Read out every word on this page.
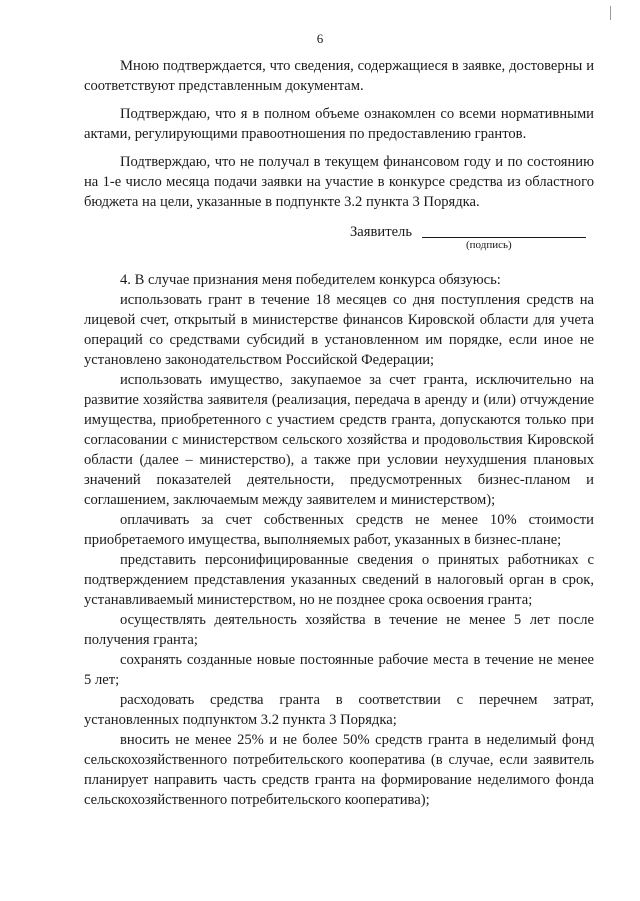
6

Мною подтверждается, что сведения, содержащиеся в заявке, достоверны и соответствуют представленным документам.

Подтверждаю, что я в полном объеме ознакомлен со всеми нормативными актами, регулирующими правоотношения по предоставлению грантов.

Подтверждаю, что не получал в текущем финансовом году и по состоянию на 1-е число месяца подачи заявки на участие в конкурсе средства из областного бюджета на цели, указанные в подпункте 3.2 пункта 3 Порядка.

Заявитель
(подпись)

4. В случае признания меня победителем конкурса обязуюсь:

использовать грант в течение 18 месяцев со дня поступления средств на лицевой счет, открытый в министерстве финансов Кировской области для учета операций со средствами субсидий в установленном им порядке, если иное не установлено законодательством Российской Федерации;

использовать имущество, закупаемое за счет гранта, исключительно на развитие хозяйства заявителя (реализация, передача в аренду и (или) отчуждение имущества, приобретенного с участием средств гранта, допускаются только при согласовании с министерством сельского хозяйства и продовольствия Кировской области (далее – министерство), а также при условии неухудшения плановых значений показателей деятельности, предусмотренных бизнес-планом и соглашением, заключаемым между заявителем и министерством);

оплачивать за счет собственных средств не менее 10% стоимости приобретаемого имущества, выполняемых работ, указанных в бизнес-плане;

представить персонифицированные сведения о принятых работниках с подтверждением представления указанных сведений в налоговый орган в срок, устанавливаемый министерством, но не позднее срока освоения гранта;

осуществлять деятельность хозяйства в течение не менее 5 лет после получения гранта;

сохранять созданные новые постоянные рабочие места в течение не менее 5 лет;

расходовать средства гранта в соответствии с перечнем затрат, установленных подпунктом 3.2 пункта 3 Порядка;

вносить не менее 25% и не более 50% средств гранта в неделимый фонд сельскохозяйственного потребительского кооператива (в случае, если заявитель планирует направить часть средств гранта на формирование неделимого фонда сельскохозяйственного потребительского кооператива);
